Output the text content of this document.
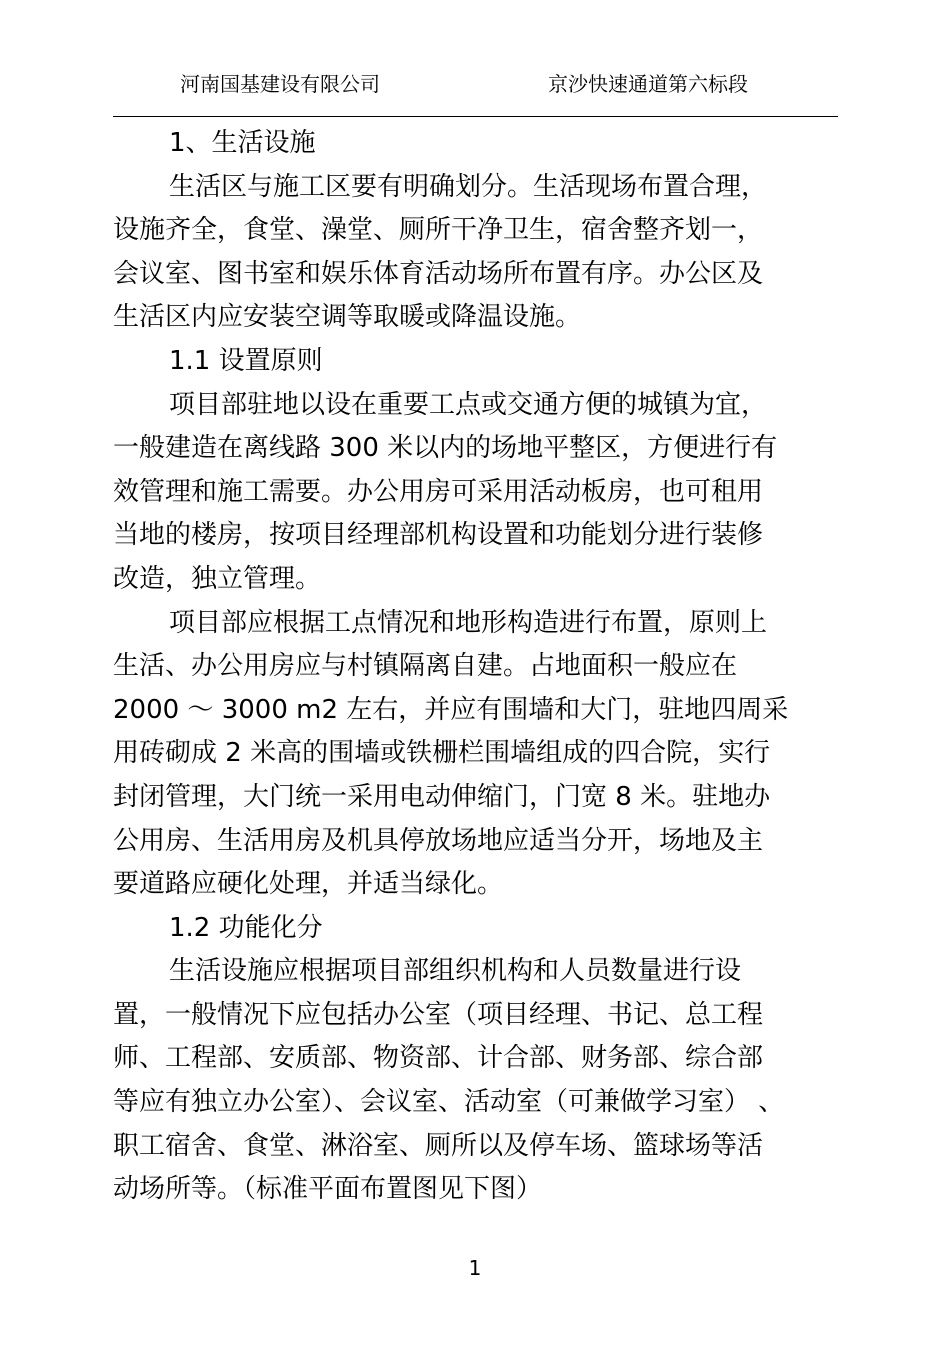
河南国基建设有限公司	京沙快速通道第六标段
1、生活设施
生活区与施工区要有明确划分。生活现场布置合理，
设施齐全，食堂、澡堂、厕所干净卫生，宿舍整齐划一，
会议室、图书室和娱乐体育活动场所布置有序。办公区及
生活区内应安装空调等取暖或降温设施。
1.1 设置原则
项目部驻地以设在重要工点或交通方便的城镇为宜，
一般建造在离线路 300 米以内的场地平整区，方便进行有
效管理和施工需要。办公用房可采用活动板房，也可租用
当地的楼房，按项目经理部机构设置和功能划分进行装修
改造，独立管理。
项目部应根据工点情况和地形构造进行布置，原则上
生活、办公用房应与村镇隔离自建。占地面积一般应在
2000 ～ 3000 m2 左右，并应有围墙和大门，驻地四周采
用砖砌成 2 米高的围墙或铁栅栏围墙组成的四合院，实行
封闭管理，大门统一采用电动伸缩门，门宽 8 米。驻地办
公用房、生活用房及机具停放场地应适当分开，场地及主
要道路应硬化处理，并适当绿化。
1.2 功能化分
生活设施应根据项目部组织机构和人员数量进行设
置，一般情况下应包括办公室（项目经理、书记、总工程
师、工程部、安质部、物资部、计合部、财务部、综合部
等应有独立办公室）、会议室、活动室（可兼做学习室） 、
职工宿舍、食堂、淋浴室、厕所以及停车场、篮球场等活
动场所等。（标准平面布置图见下图）
1
